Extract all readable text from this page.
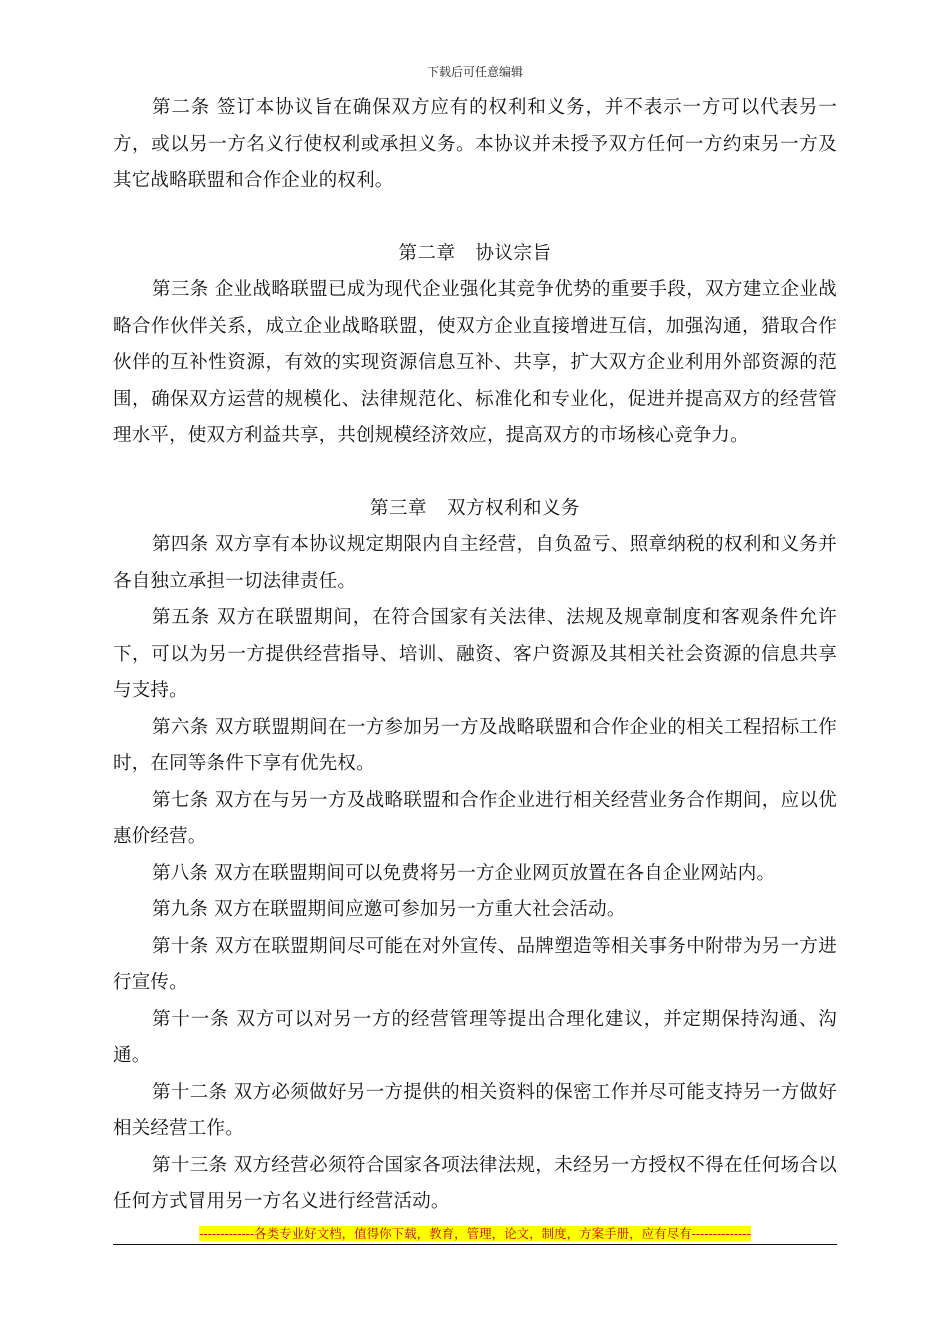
下载后可任意编辑

第二条 签订本协议旨在确保双方应有的权利和义务，并不表示一方可以代表另一方，或以另一方名义行使权利或承担义务。本协议并未授予双方任何一方约束另一方及其它战略联盟和合作企业的权利。

第二章 协议宗旨

第三条 企业战略联盟已成为现代企业强化其竞争优势的重要手段，双方建立企业战略合作伙伴关系，成立企业战略联盟，使双方企业直接增进互信，加强沟通，猎取合作伙伴的互补性资源，有效的实现资源信息互补、共享，扩大双方企业利用外部资源的范围，确保双方运营的规模化、法律规范化、标准化和专业化，促进并提高双方的经营管理水平，使双方利益共享，共创规模经济效应，提高双方的市场核心竞争力。

第三章 双方权利和义务

第四条 双方享有本协议规定期限内自主经营，自负盈亏、照章纳税的权利和义务并各自独立承担一切法律责任。

第五条 双方在联盟期间，在符合国家有关法律、法规及规章制度和客观条件允许下，可以为另一方提供经营指导、培训、融资、客户资源及其相关社会资源的信息共享与支持。

第六条 双方联盟期间在一方参加另一方及战略联盟和合作企业的相关工程招标工作时，在同等条件下享有优先权。

第七条 双方在与另一方及战略联盟和合作企业进行相关经营业务合作期间，应以优惠价经营。

第八条 双方在联盟期间可以免费将另一方企业网页放置在各自企业网站内。

第九条 双方在联盟期间应邀可参加另一方重大社会活动。

第十条 双方在联盟期间尽可能在对外宣传、品牌塑造等相关事务中附带为另一方进行宣传。

第十一条 双方可以对另一方的经营管理等提出合理化建议，并定期保持沟通、沟通。

第十二条 双方必须做好另一方提供的相关资料的保密工作并尽可能支持另一方做好相关经营工作。

第十三条 双方经营必须符合国家各项法律法规，未经另一方授权不得在任何场合以任何方式冒用另一方名义进行经营活动。

-------------各类专业好文档，值得你下载，教育，管理，论文，制度，方案手册，应有尽有--------------
